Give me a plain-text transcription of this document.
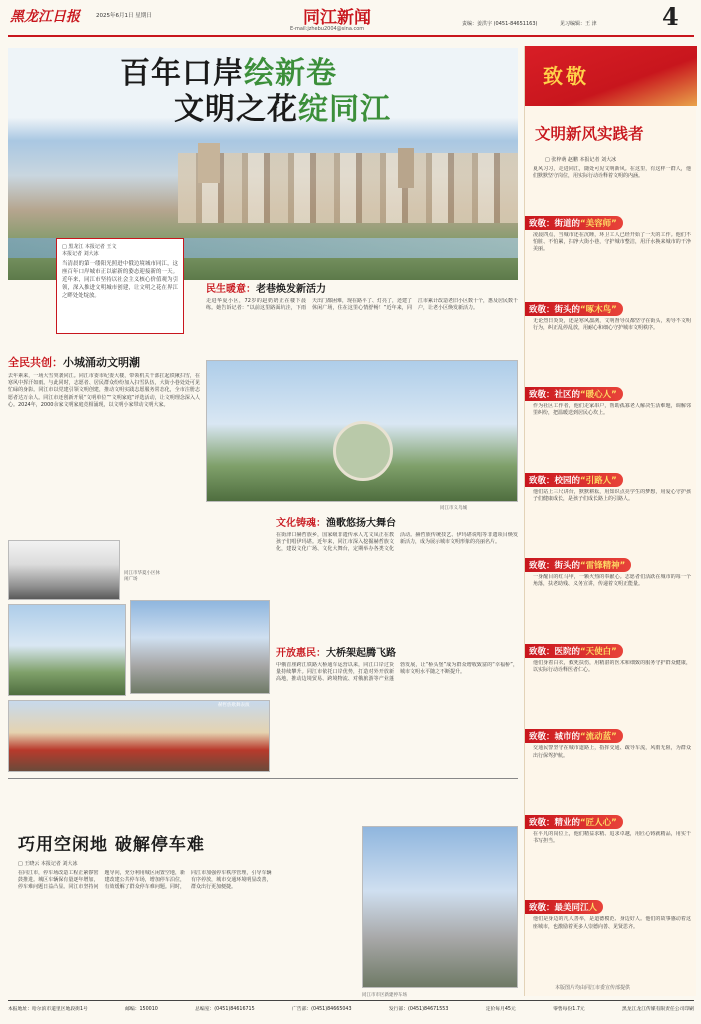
黑龙江日报	2025年6月1日 星期日	同江新闻
E-mail:jzhebu2004@sina.com
责编：姜洪宇 (0451-84651163)	见习编辑：王 津	4
百年口岸绘新卷
文明之花绽同江
□ 黑龙江 本报记者 王文
本报记者 刘大冰
当清晨的第一缕阳光照进中俄边境城市同江，这座百年口岸城市正以崭新的姿态迎接新的一天。近年来，同江市坚持以社会主义核心价值观为引领，深入推进文明城市创建，让文明之花在界江之畔处处绽放。
全民共创：小城涌动文明潮
去年素来，一场大雪突袭同江。同江市委市纪委大楼，带领机关干部扛起铁锹扫雪，在寒风中挥汗如雨。与此同时，志愿者、居民群众纷纷加入扫雪队伍，大街小巷处处可见忙碌的身影。同江市以党建引领文明创建，推动文明实践志愿服务常态化，全市注册志愿者达万余人。同江市还创新开展“文明单位”“文明家庭”评选活动，让文明理念深入人心。2024年，2000余家文明家庭竞相涌现，以文明小家带动文明大家。
同江市华夏小区休闲广场
赫哲族歌舞表演
民生暖意：老巷焕发新活力
走进华夏小区，72岁的赵奶奶正在楼下晨练。她告诉记者：“以前这里路面坑洼，下雨天出门都困难，现在路平了、灯亮了，还建了休闲广场，住在这里心情舒畅！”近年来，同江市累计改造老旧小区数十个，惠及居民数千户，让老小区焕发新活力。
同江市义乌城
文化铸魂：渔歌悠扬大舞台
在街津口赫哲族乡，国家级非遗传承人尤文凤正在教孩子们唱伊玛堪。近年来，同江市深入挖掘赫哲族文化，建设文化广场、文化大舞台，定期举办各类文化活动。赫哲族传统技艺、伊玛堪说唱等非遗项目焕发新活力，成为展示城市文明形象的亮丽名片。
开放惠民：大桥架起腾飞路
中俄首座跨江铁路大桥通车运营以来，同江口岸过货量持续攀升。同江市依托口岸优势，打造对外开放新高地，推动边境贸易、跨境物流、对俄旅游等产业蓬勃发展，让“桥头堡”成为群众增收致富的“幸福桥”，城市文明水平随之不断提升。
巧用空闲地 破解停车难
□ 王晓云 本报记者 刘大冰
在同江市，停车场改造工程正紧锣密鼓推进。城区车辆保有量逐年增加，停车难问题日益凸显。同江市坚持问题导向，充分利用城区闲置空地，新建改建公共停车场，增加停车泊位，有效缓解了群众停车难问题。同时，同江市加强停车秩序管理，引导车辆有序停放，城市交通环境明显改善，群众出行更加便捷。
同江市市区新建停车场
致敬
文明新风实践者
□ 张梓萌 赵鹏 本报记者 刘大冰
夏风习习，走进同江，随处可见文明新风。在这里，有这样一群人，他们默默坚守岗位，用实际行动诠释着文明的内涵。
致敬：街道的“美容师”
凌晨四点，当城市还在沉睡，环卫工人已经开始了一天的工作。他们不怕脏、不怕累，扫净大街小巷，守护城市整洁，用汗水换来城市的干净美丽。
致敬：街头的“啄木鸟”
无论烈日炎炎，还是寒风凛冽，文明督导员都坚守在街头，劝导不文明行为，纠正乱停乱放，用耐心和细心守护城市文明秩序。
致敬：社区的“暖心人”
作为社区工作者，他们走家串户，帮助孤寡老人解决生活难题，调解邻里纠纷，把温暖送到居民心坎上。
致敬：校园的“引路人”
他们站上三尺讲台，默默耕耘，用知识点亮学生的梦想，用爱心守护孩子们健康成长，是孩子们成长路上的引路人。
致敬：街头的“雷锋精神”
一身醒目的红马甲，一颗火热的奉献心。志愿者们活跃在城市的每一个角落，扶老助残、义务宣讲，传递着文明正能量。
致敬：医院的“天使白”
他们身着白衣，救死扶伤，用精湛的医术和细致的服务守护群众健康，以实际行动诠释医者仁心。
致敬：城市的“流动蓝”
交通民警坚守在城市道路上，指挥交通、疏导车流，风雨无阻，为群众出行保驾护航。
致敬：精业的“匠人心”
在平凡的岗位上，他们精益求精、追求卓越，用匠心铸就精品，用实干书写担当。
致敬：最美同江人
他们是身边的凡人善举，是道德模范、身边好人。他们的故事感动着这座城市，也激励着更多人崇德向善、见贤思齐。
本版图片均由同江市委宣传部提供
本报地址：哈尔滨市道里区地段街1号	邮编：150010	总编室：(0451)84616715	广告部：(0451)84665043	发行部：(0451)84671553	定价每月45元	零售每份1.7元	黑龙江龙江传媒有限责任公司印刷
